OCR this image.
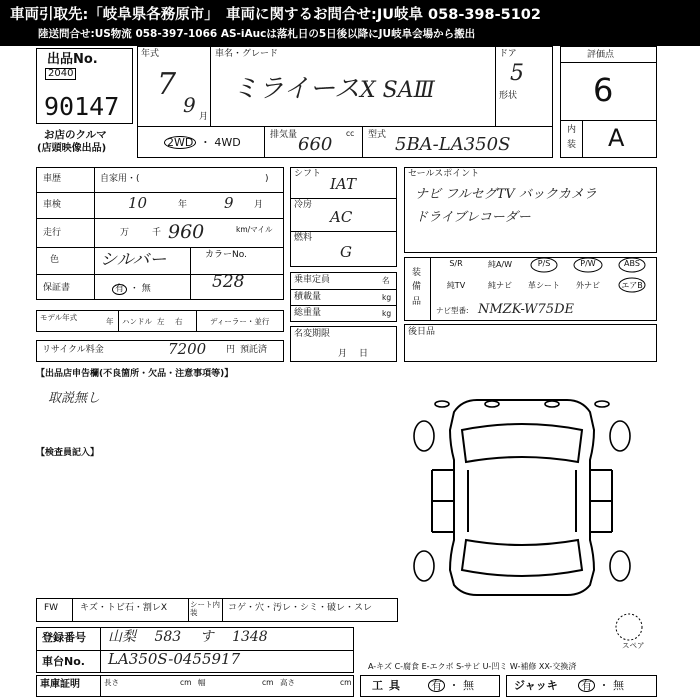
車両引取先:「岐阜県各務原市」　車両に関するお問合せ:JU岐阜 058-398-5102
陸送問合せ:US物流 058-397-1066 AS-iAucは落札日の5日後以降にJU岐阜会場から搬出
出品No.
2040
90147
お店のクルマ
(店頭映像出品)
年式
7
9 月
車名・グレード
ミライース X SAⅢ
ドア
5
形状
2WD ・ 4WD
排気量 660
cc 型式 5BA-LA350S
評価点
6
内
装 A
車歴	自家用・(	)
車検	10	年 9 月
走行	万	千 960	km/マイル
色 シルバー	カラーNo.
528
保証書	有 ・ 無
モデル年式	年 ハンドル 左 右	ディーラー・並行
リサイクル料金	7200 円 預託済
シフト
IAT
冷房
AC
燃料
G
乗車定員	名
積載量	kg
総重量	kg
名変期限
月日
セールスポイント
ナビ フルセグTV バックカメラ
ドライブレコーダー
装備品
S/R	純A/W	P/S	P/W	ABS
純TV	純ナビ	革シート	外ナビ	エアB
ナビ型番: NMZK-W75DE
後日品
【出品店申告欄(不良箇所・欠品・注意事項等)】
取説無し
【検査員記入】
スペア
FW キズ・トビ石・割レX	シート内装	コゲ・穴・汚レ・シミ・破レ・スレ
登録番号 山梨 583 す 1348
車台No. LA350S-0455917	A-キズ C-腐食 E-エクボ S-サビ U-凹ミ W-補修 XX-交換済
車庫証明	長さ	cm 幅	cm 高さ	cm 工具 有 ・ 無	ジャッキ 有 ・ 無
